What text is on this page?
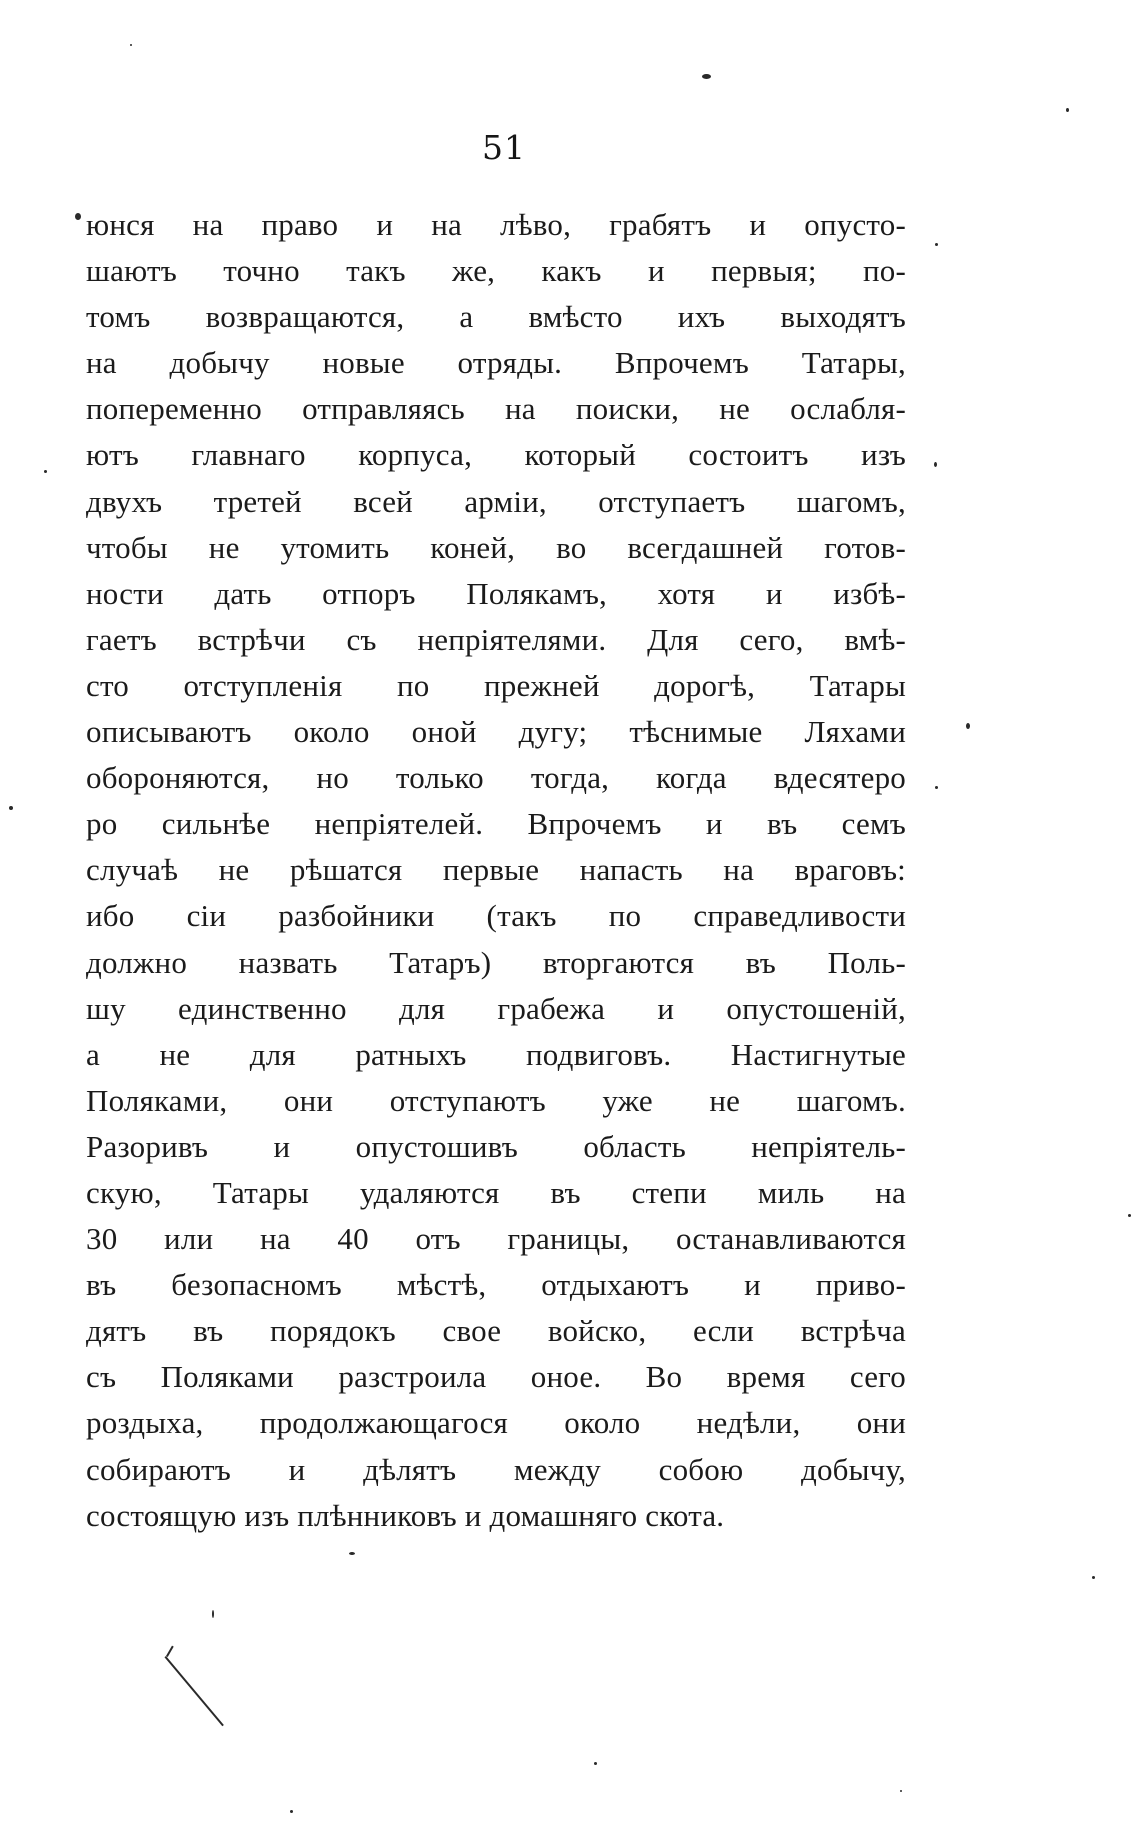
51
юнся на право и на лѣво, грабятъ и опусто-
шаютъ точно такъ же, какъ и первыя; по-
томъ возвращаются, а вмѣсто ихъ выходятъ
на добычу новые отряды. Впрочемъ Татары,
попеременно отправляясь на поиски, не ослабля-
ютъ главнаго корпуса, который состоитъ изъ
двухъ третей всей арміи, отступаетъ шагомъ,
чтобы не утомить коней, во всегдашней готов-
ности дать отпоръ Полякамъ, хотя и избѣ-
гаетъ встрѣчи съ непріятелями. Для сего, вмѣ-
сто отступленія по прежней дорогѣ, Татары
описываютъ около оной дугу; тѣснимые Ляхами
обороняются, но только тогда, когда вдесятеро
ро сильнѣе непріятелей. Впрочемъ и въ семъ
случаѣ не рѣшатся первые напасть на враговъ:
ибо сіи разбойники (такъ по справедливости
должно назвать Татаръ) вторгаются въ Поль-
шу единственно для грабежа и опустошеній,
а не для ратныхъ подвиговъ. Настигнутые
Поляками, они отступаютъ уже не шагомъ.
Разоривъ и опустошивъ область непріятель-
скую, Татары удаляются въ степи миль на
30 или на 40 отъ границы, останавливаются
въ безопасномъ мѣстѣ, отдыхаютъ и приво-
дятъ въ порядокъ свое войско, если встрѣча
съ Поляками разстроила оное. Во время сего
роздыха, продолжающагося около недѣли, они
собираютъ и дѣлятъ между собою добычу,
состоящую изъ плѣнниковъ и домашняго скота.
